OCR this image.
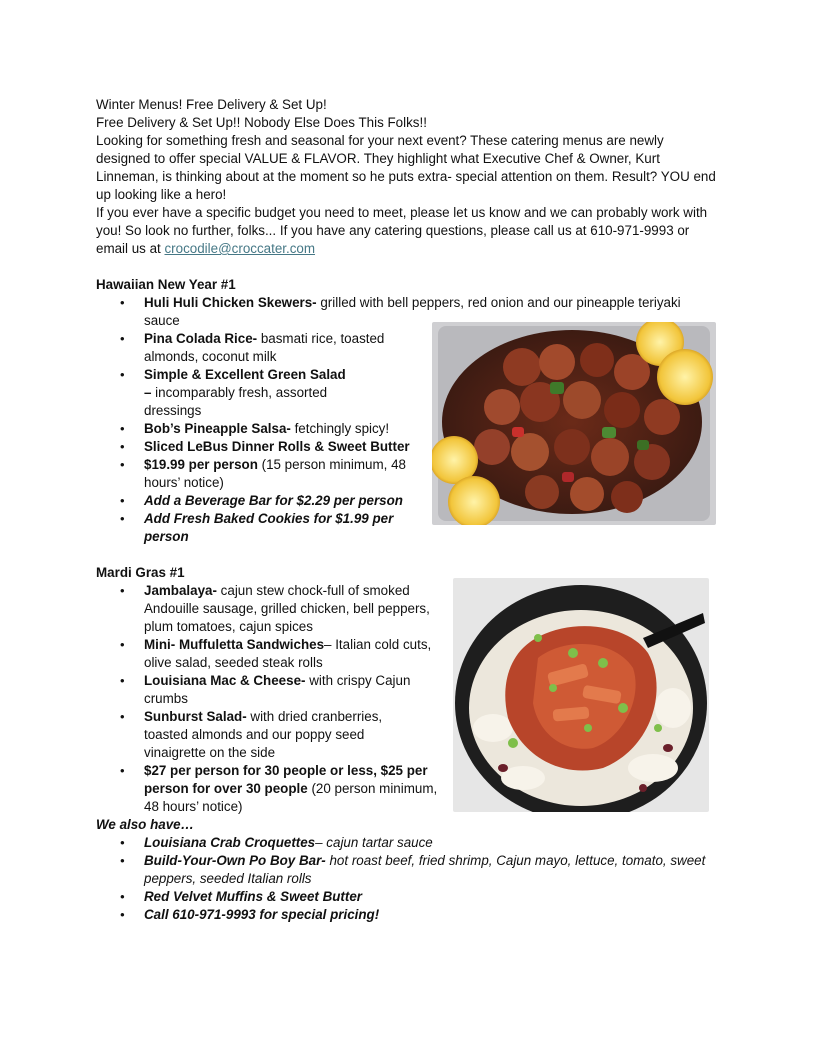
Winter Menus! Free Delivery & Set Up!

Free Delivery & Set Up!! Nobody Else Does This Folks!!

Looking for something fresh and seasonal for your next event? These catering menus are newly designed to offer special VALUE & FLAVOR. They highlight what Executive Chef & Owner, Kurt Linneman, is thinking about at the moment so he puts extra- special attention on them. Result? YOU end up looking like a hero!

If you ever have a specific budget you need to meet, please let us know and we can probably work with you! So look no further, folks... If you have any catering questions, please call us at 610-971-9993 or email us at crocodile@croccater.com

Hawaiian New Year #1
• Huli Huli Chicken Skewers- grilled with bell peppers, red onion and our pineapple teriyaki sauce
• Pina Colada Rice- basmati rice, toasted almonds, coconut milk
• Simple & Excellent Green Salad – incomparably fresh, assorted dressings
• Bob’s Pineapple Salsa- fetchingly spicy!
• Sliced LeBus Dinner Rolls & Sweet Butter
• $19.99 per person (15 person minimum, 48 hours’ notice)
• Add a Beverage Bar for $2.29 per person
• Add Fresh Baked Cookies for $1.99 per person
Mardi Gras #1
• Jambalaya- cajun stew chock-full of smoked Andouille sausage, grilled chicken, bell peppers, plum tomatoes, cajun spices
• Mini- Muffuletta Sandwiches– Italian cold cuts, olive salad, seeded steak rolls
• Louisiana Mac & Cheese- with crispy Cajun crumbs
• Sunburst Salad- with dried cranberries, toasted almonds and our poppy seed vinaigrette on the side
• $27 per person for 30 people or less, $25 per person for over 30 people (20 person minimum, 48 hours’ notice)
We also have…
• Louisiana Crab Croquettes– cajun tartar sauce
• Build-Your-Own Po Boy Bar- hot roast beef, fried shrimp, Cajun mayo, lettuce, tomato, sweet peppers, seeded Italian rolls
• Red Velvet Muffins & Sweet Butter
• Call 610-971-9993 for special pricing!
